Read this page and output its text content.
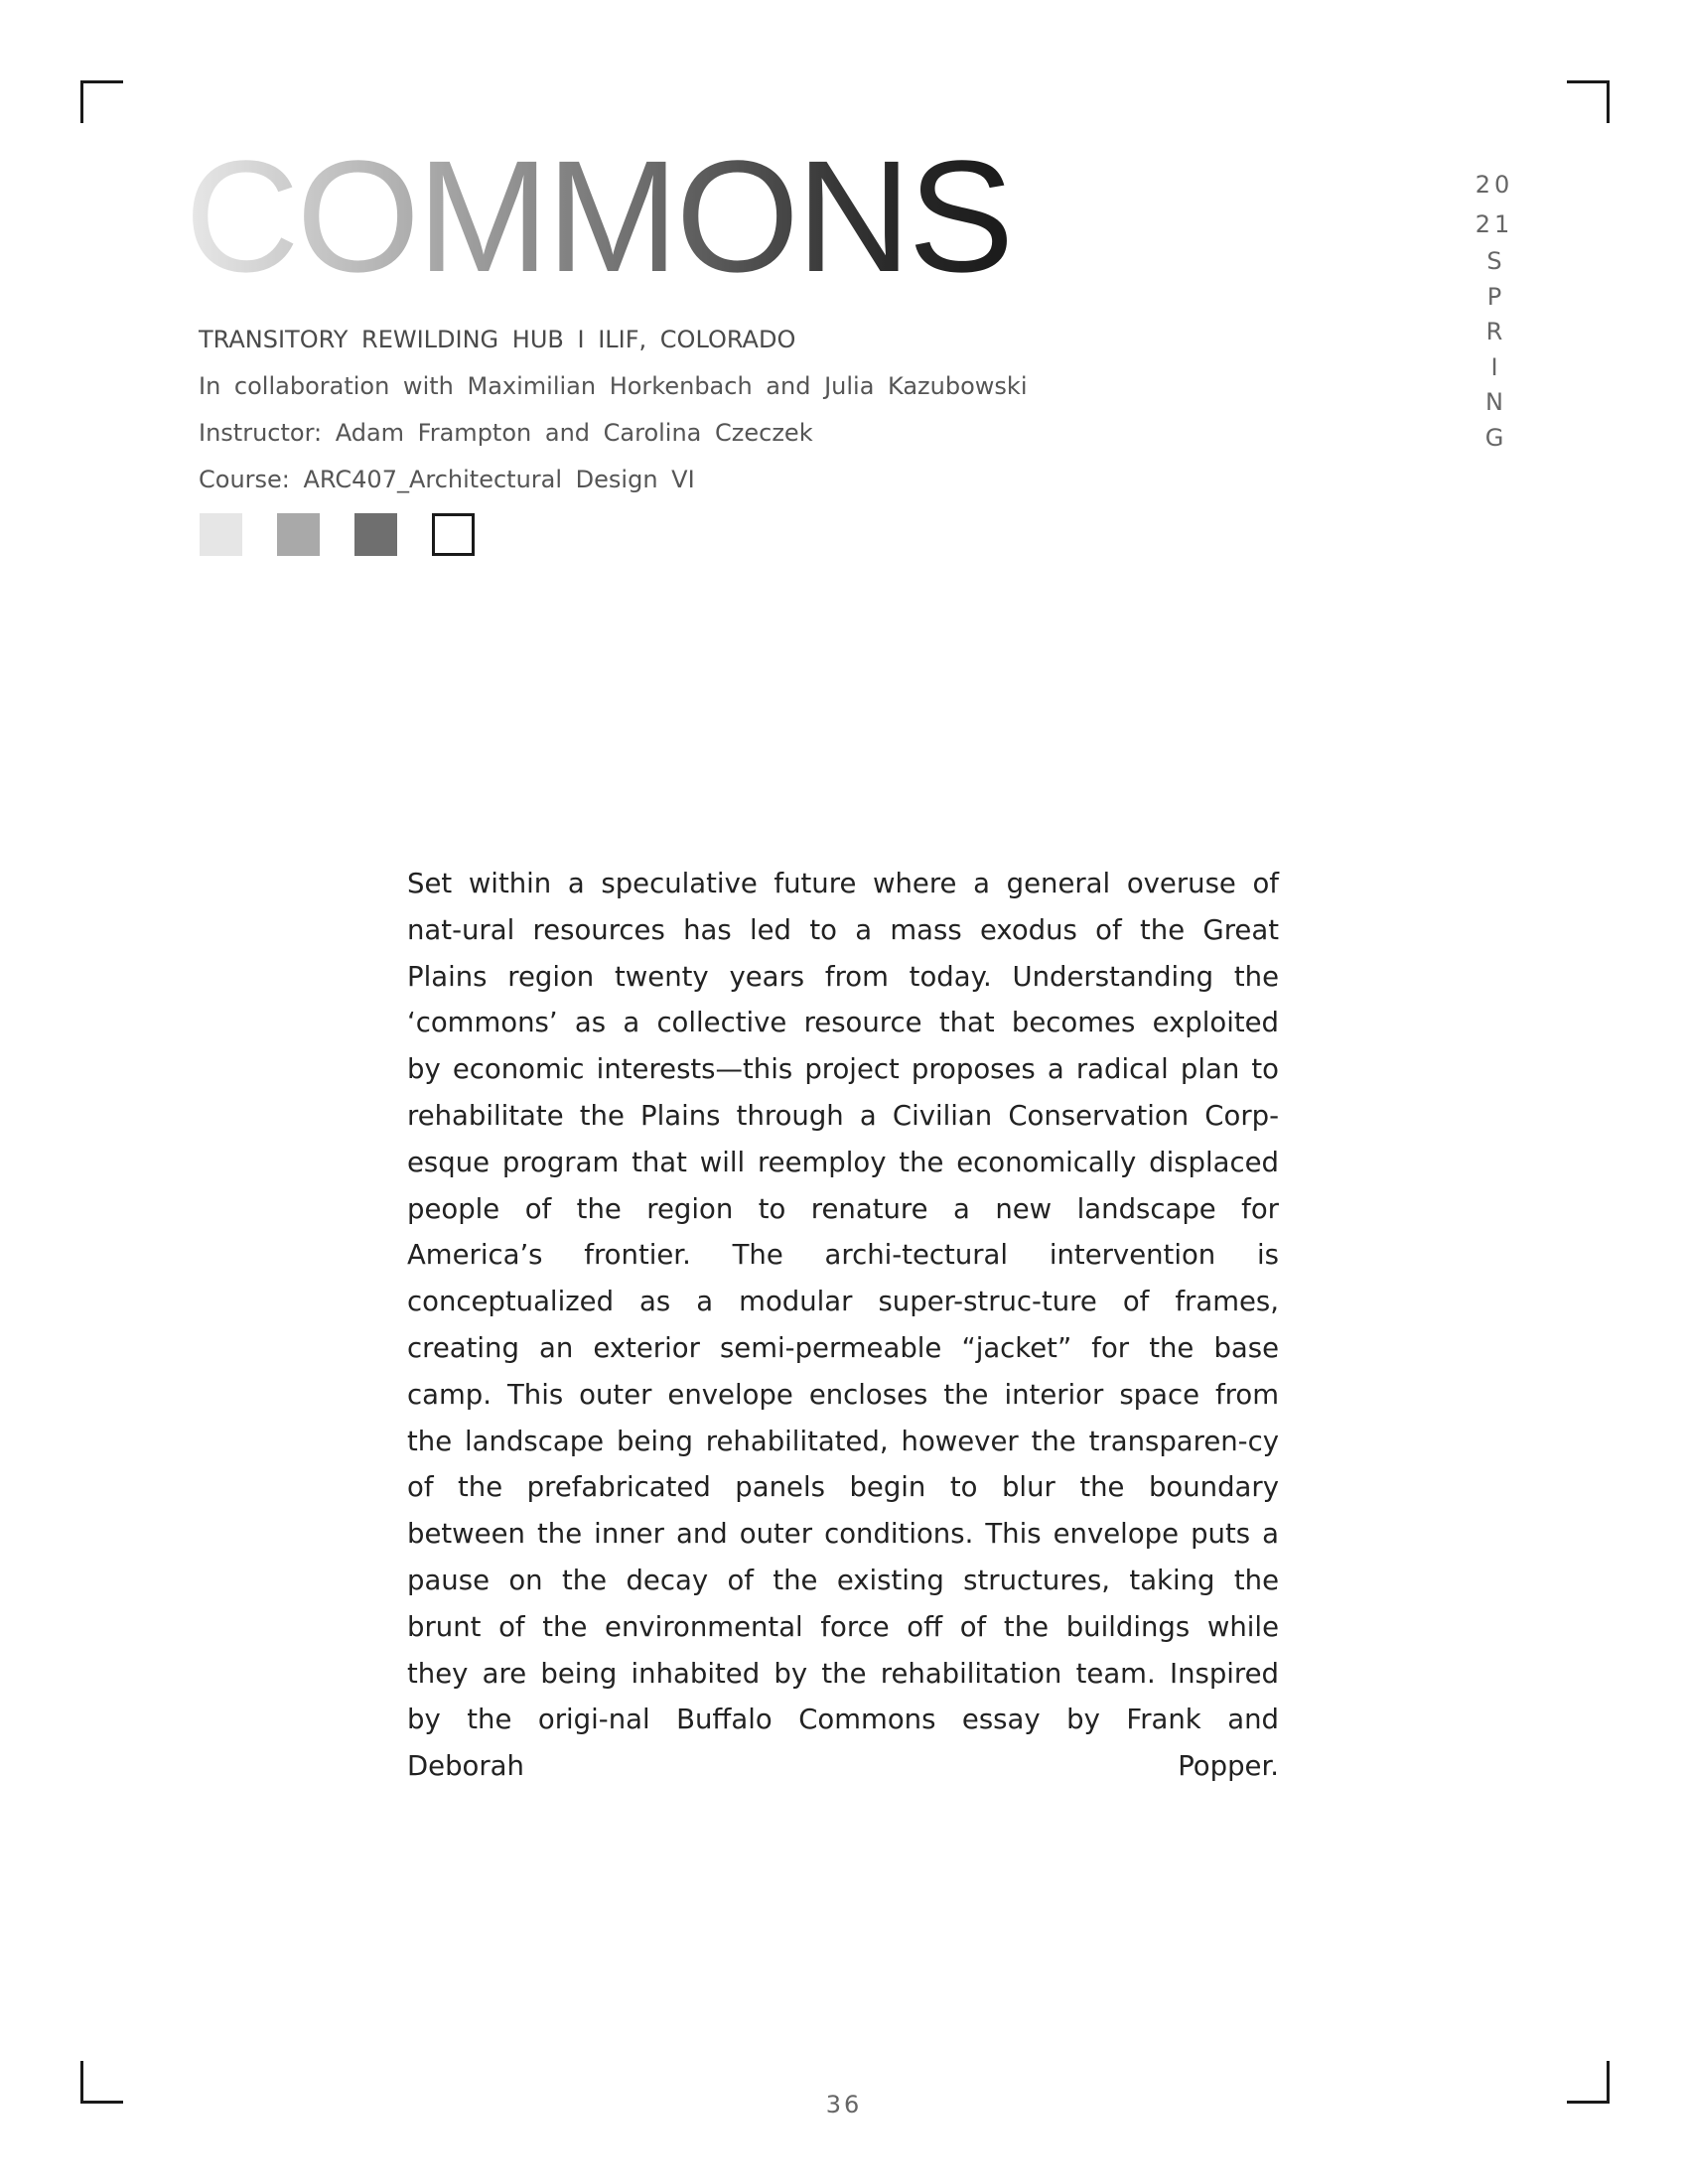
COMMONS
TRANSITORY REWILDING HUB I ILIF, COLORADO
In collaboration with Maximilian Horkenbach and Julia Kazubowski
Instructor: Adam Frampton and Carolina Czeczek
Course: ARC407_Architectural Design VI
20
21
S
P
R
I
N
G

Set within a speculative future where a general overuse of nat-ural resources has led to a mass exodus of the Great Plains region twenty years from today. Understanding the ‘commons’ as a collective resource that becomes exploited by economic interests—this project proposes a radical plan to rehabilitate the Plains through a Civilian Conservation Corp-esque program that will reemploy the economically displaced people of the region to renature a new landscape for America’s frontier. The archi-tectural intervention is conceptualized as a modular super-struc-ture of frames, creating an exterior semi-permeable “jacket” for the base camp. This outer envelope encloses the interior space from the landscape being rehabilitated, however the transparen-cy of the prefabricated panels begin to blur the boundary between the inner and outer conditions. This envelope puts a pause on the decay of the existing structures, taking the brunt of the environmental force off of the buildings while they are being inhabited by the rehabilitation team. Inspired by the origi-nal Buffalo Commons essay by Frank and Deborah Popper.

36
